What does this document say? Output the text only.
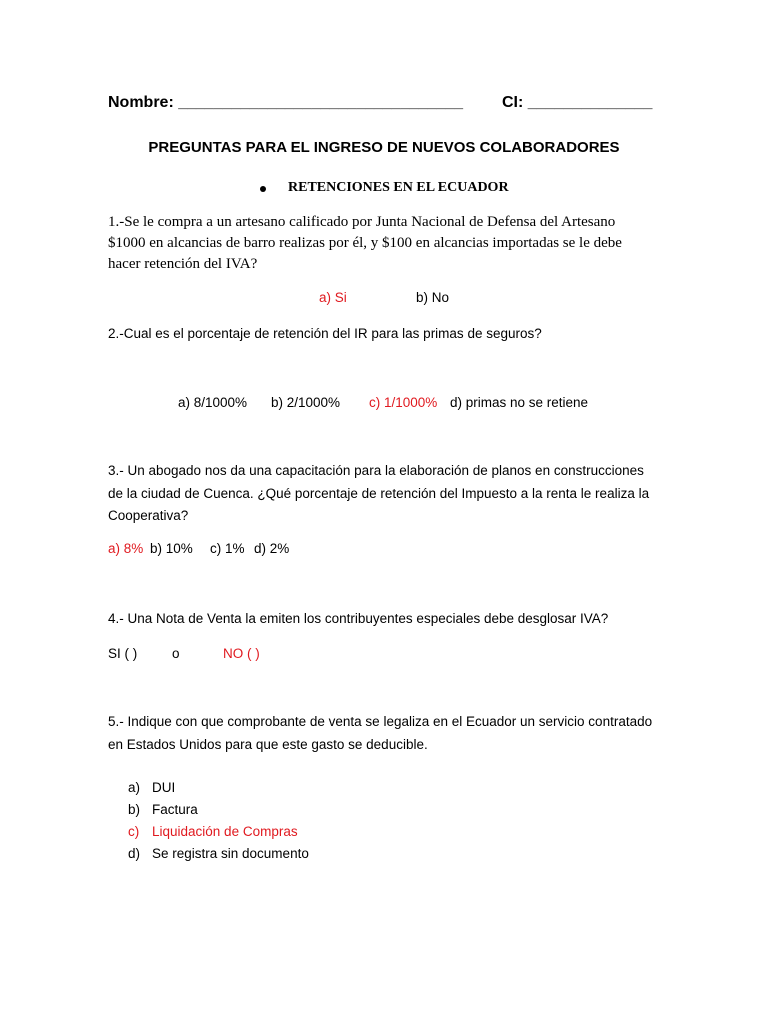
Nombre: ________________________________ CI: ______________
PREGUNTAS PARA EL INGRESO DE NUEVOS COLABORADORES
RETENCIONES EN EL ECUADOR
1.-Se le compra a un artesano calificado por Junta Nacional de Defensa del Artesano
$1000 en alcancias de barro realizas por él, y $100 en alcancias importadas se le debe
hacer retención del IVA?
a) Si	b) No
2.-Cual es el porcentaje de retención del IR para las primas de seguros?
a) 8/1000% b) 2/1000% c) 1/1000% d) primas no se retiene
3.- Un abogado nos da una capacitación para la elaboración de planos en construcciones
de la ciudad de Cuenca. ¿Qué porcentaje de retención del Impuesto a la renta le realiza la
Cooperativa?
a) 8% b) 10% c) 1% d) 2%
4.- Una Nota de Venta la emiten los contribuyentes especiales debe desglosar IVA?
SI ( )	o	NO ( )
5.- Indique con que comprobante de venta se legaliza en el Ecuador un servicio contratado
en Estados Unidos para que este gasto se deducible.
a) DUI
b) Factura
c) Liquidación de Compras
d) Se registra sin documento
